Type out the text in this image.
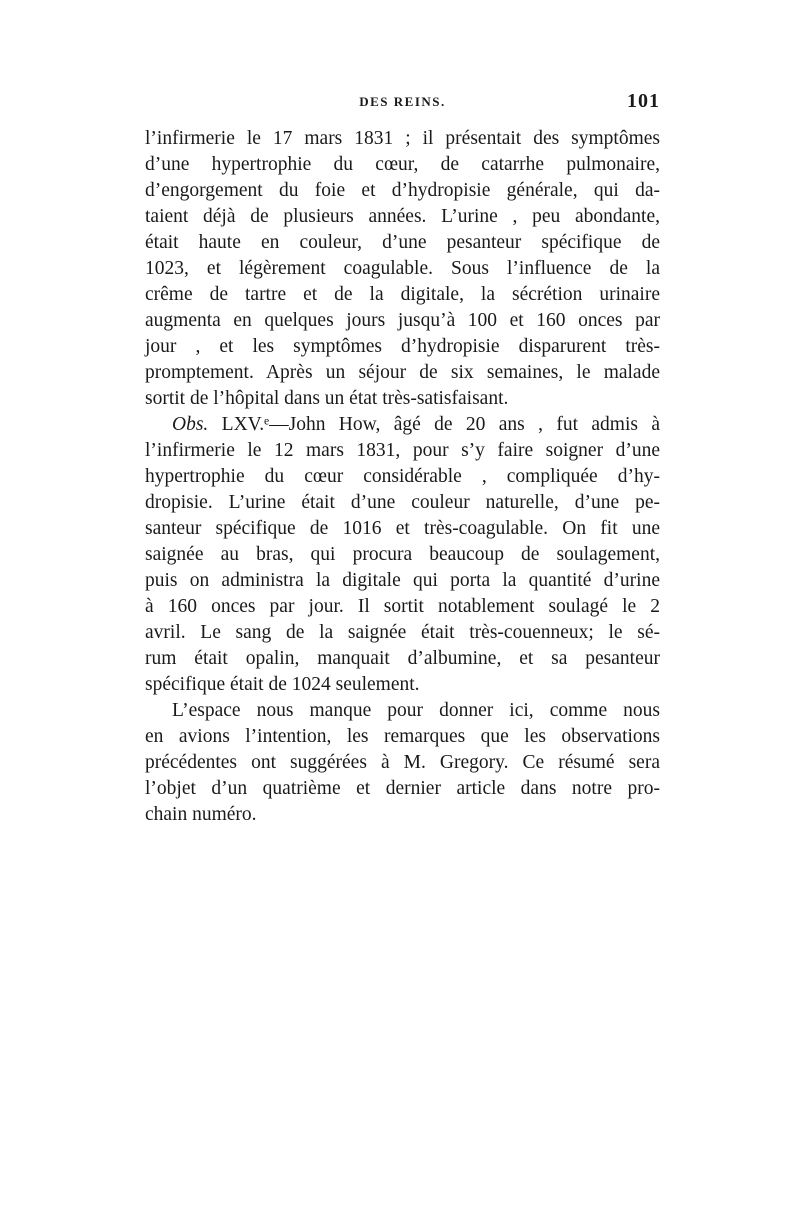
DES REINS.	101
l’infirmerie le 17 mars 1831 ; il présentait des symptômes
d’une hypertrophie du cœur, de catarrhe pulmonaire,
d’engorgement du foie et d’hydropisie générale, qui da-
taient déjà de plusieurs années. L’urine , peu abondante,
était haute en couleur, d’une pesanteur spécifique de
1023, et légèrement coagulable. Sous l’influence de la
crême de tartre et de la digitale, la sécrétion urinaire
augmenta en quelques jours jusqu’à 100 et 160 onces par
jour , et les symptômes d’hydropisie disparurent très-
promptement. Après un séjour de six semaines, le malade
sortit de l’hôpital dans un état très-satisfaisant.
Obs. LXV.ᵉ—John How, âgé de 20 ans , fut admis à
l’infirmerie le 12 mars 1831, pour s’y faire soigner d’une
hypertrophie du cœur considérable , compliquée d’hy-
dropisie. L’urine était d’une couleur naturelle, d’une pe-
santeur spécifique de 1016 et très-coagulable. On fit une
saignée au bras, qui procura beaucoup de soulagement,
puis on administra la digitale qui porta la quantité d’urine
à 160 onces par jour. Il sortit notablement soulagé le 2
avril. Le sang de la saignée était très-couenneux; le sé-
rum était opalin, manquait d’albumine, et sa pesanteur
spécifique était de 1024 seulement.
L’espace nous manque pour donner ici, comme nous
en avions l’intention, les remarques que les observations
précédentes ont suggérées à M. Gregory. Ce résumé sera
l’objet d’un quatrième et dernier article dans notre pro-
chain numéro.
